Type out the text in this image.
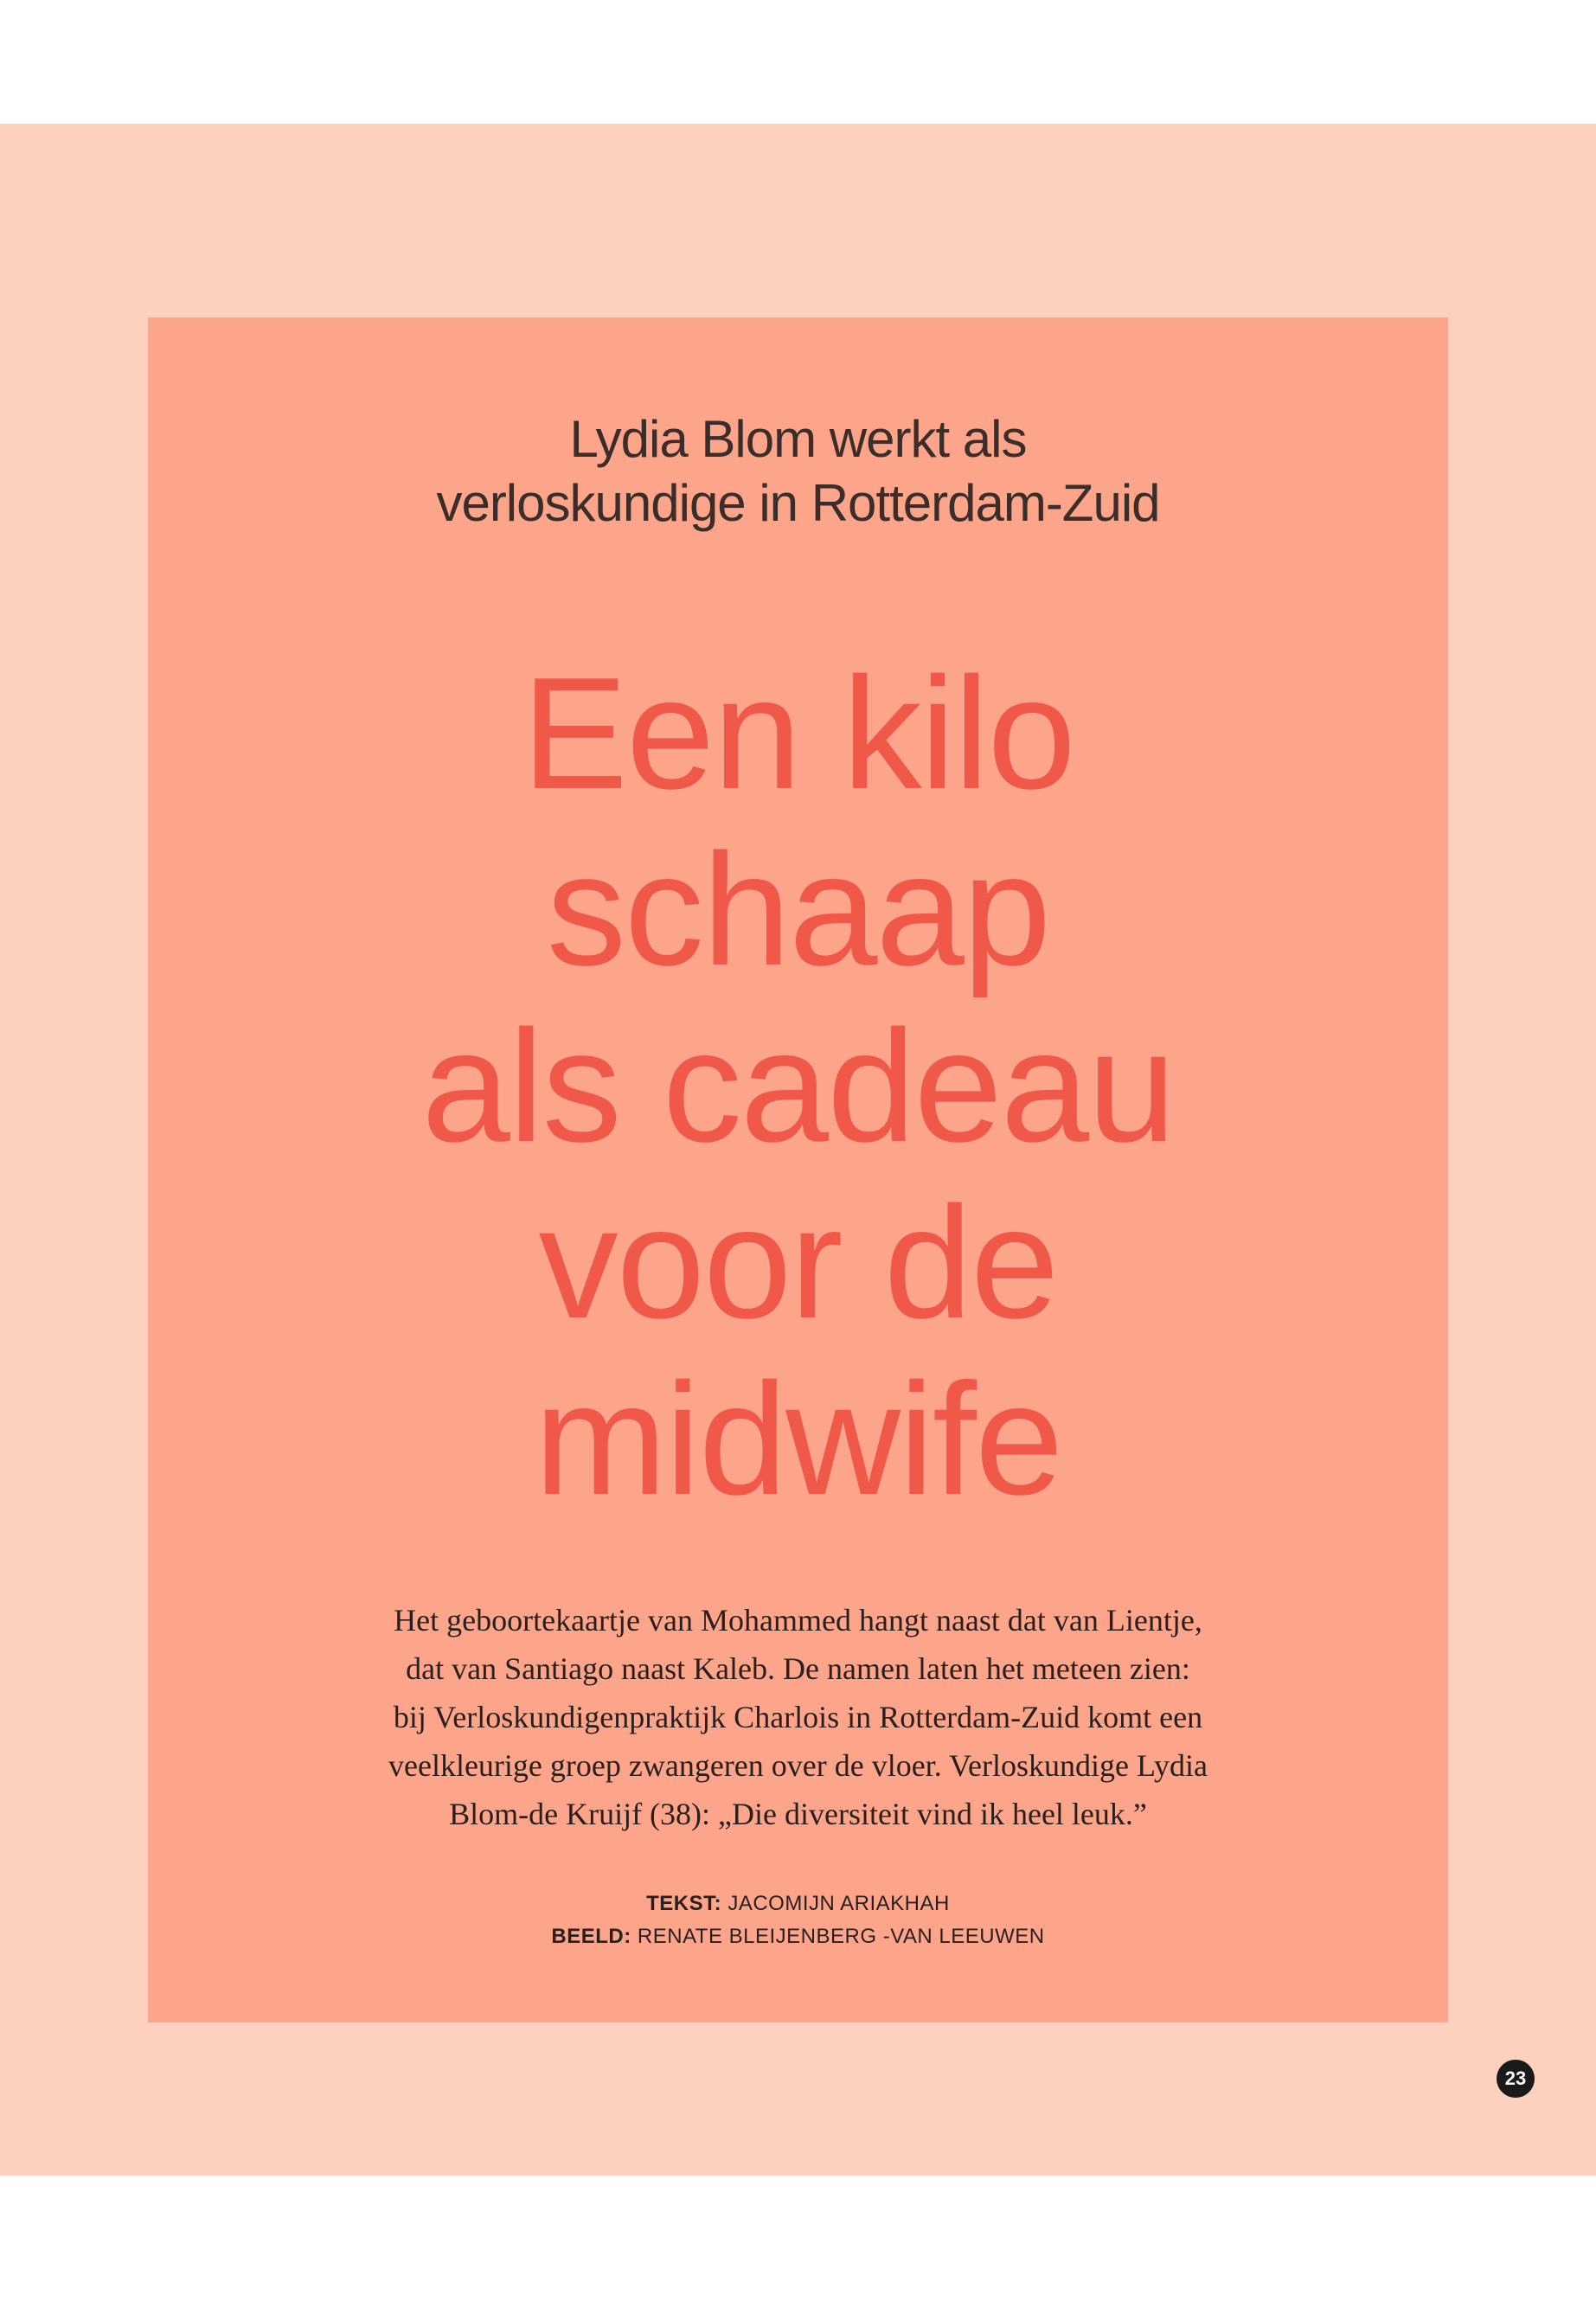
Lydia Blom werkt als
verloskundige in Rotterdam-Zuid
Een kilo
schaap
als cadeau
voor de
midwife
Het geboortekaartje van Mohammed hangt naast dat van Lientje,
dat van Santiago naast Kaleb. De namen laten het meteen zien:
bij Verloskundigenpraktijk Charlois in Rotterdam-Zuid komt een
veelkleurige groep zwangeren over de vloer. Verloskundige Lydia
Blom-de Kruijf (38): „Die diversiteit vind ik heel leuk.”
TEKST: JACOMIJN ARIAKHAH
BEELD: RENATE BLEIJENBERG -VAN LEEUWEN
23
